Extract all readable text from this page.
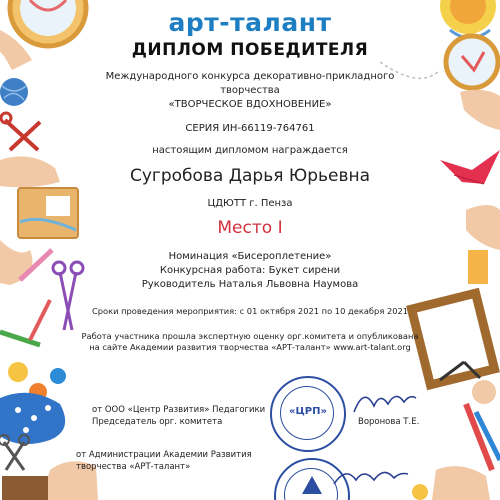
арт-талант
ДИПЛОМ ПОБЕДИТЕЛЯ
Международного конкурса декоративно-прикладного
творчества
«ТВОРЧЕСКОЕ ВДОХНОВЕНИЕ»
СЕРИЯ ИН-66119-764761
настоящим дипломом награждается
Сугробова Дарья Юрьевна
ЦДЮТТ г. Пенза
Место I
Номинация «Бисероплетение»
Конкурсная работа: Букет сирени
Руководитель Наталья Львовна Наумова
Сроки проведения мероприятия: с 01 октября 2021 по 10 декабря 2021
Работа участника прошла экспертную оценку орг.комитета и опубликована
на сайте Академии развития творчества «АРТ-талант» www.art-talant.org
от ООО «Центр Развития» Педагогики
Председатель орг. комитета
«ЦРП»
Воронова Т.Е.
от Администрации Академии Развития
творчества «АРТ-талант»
